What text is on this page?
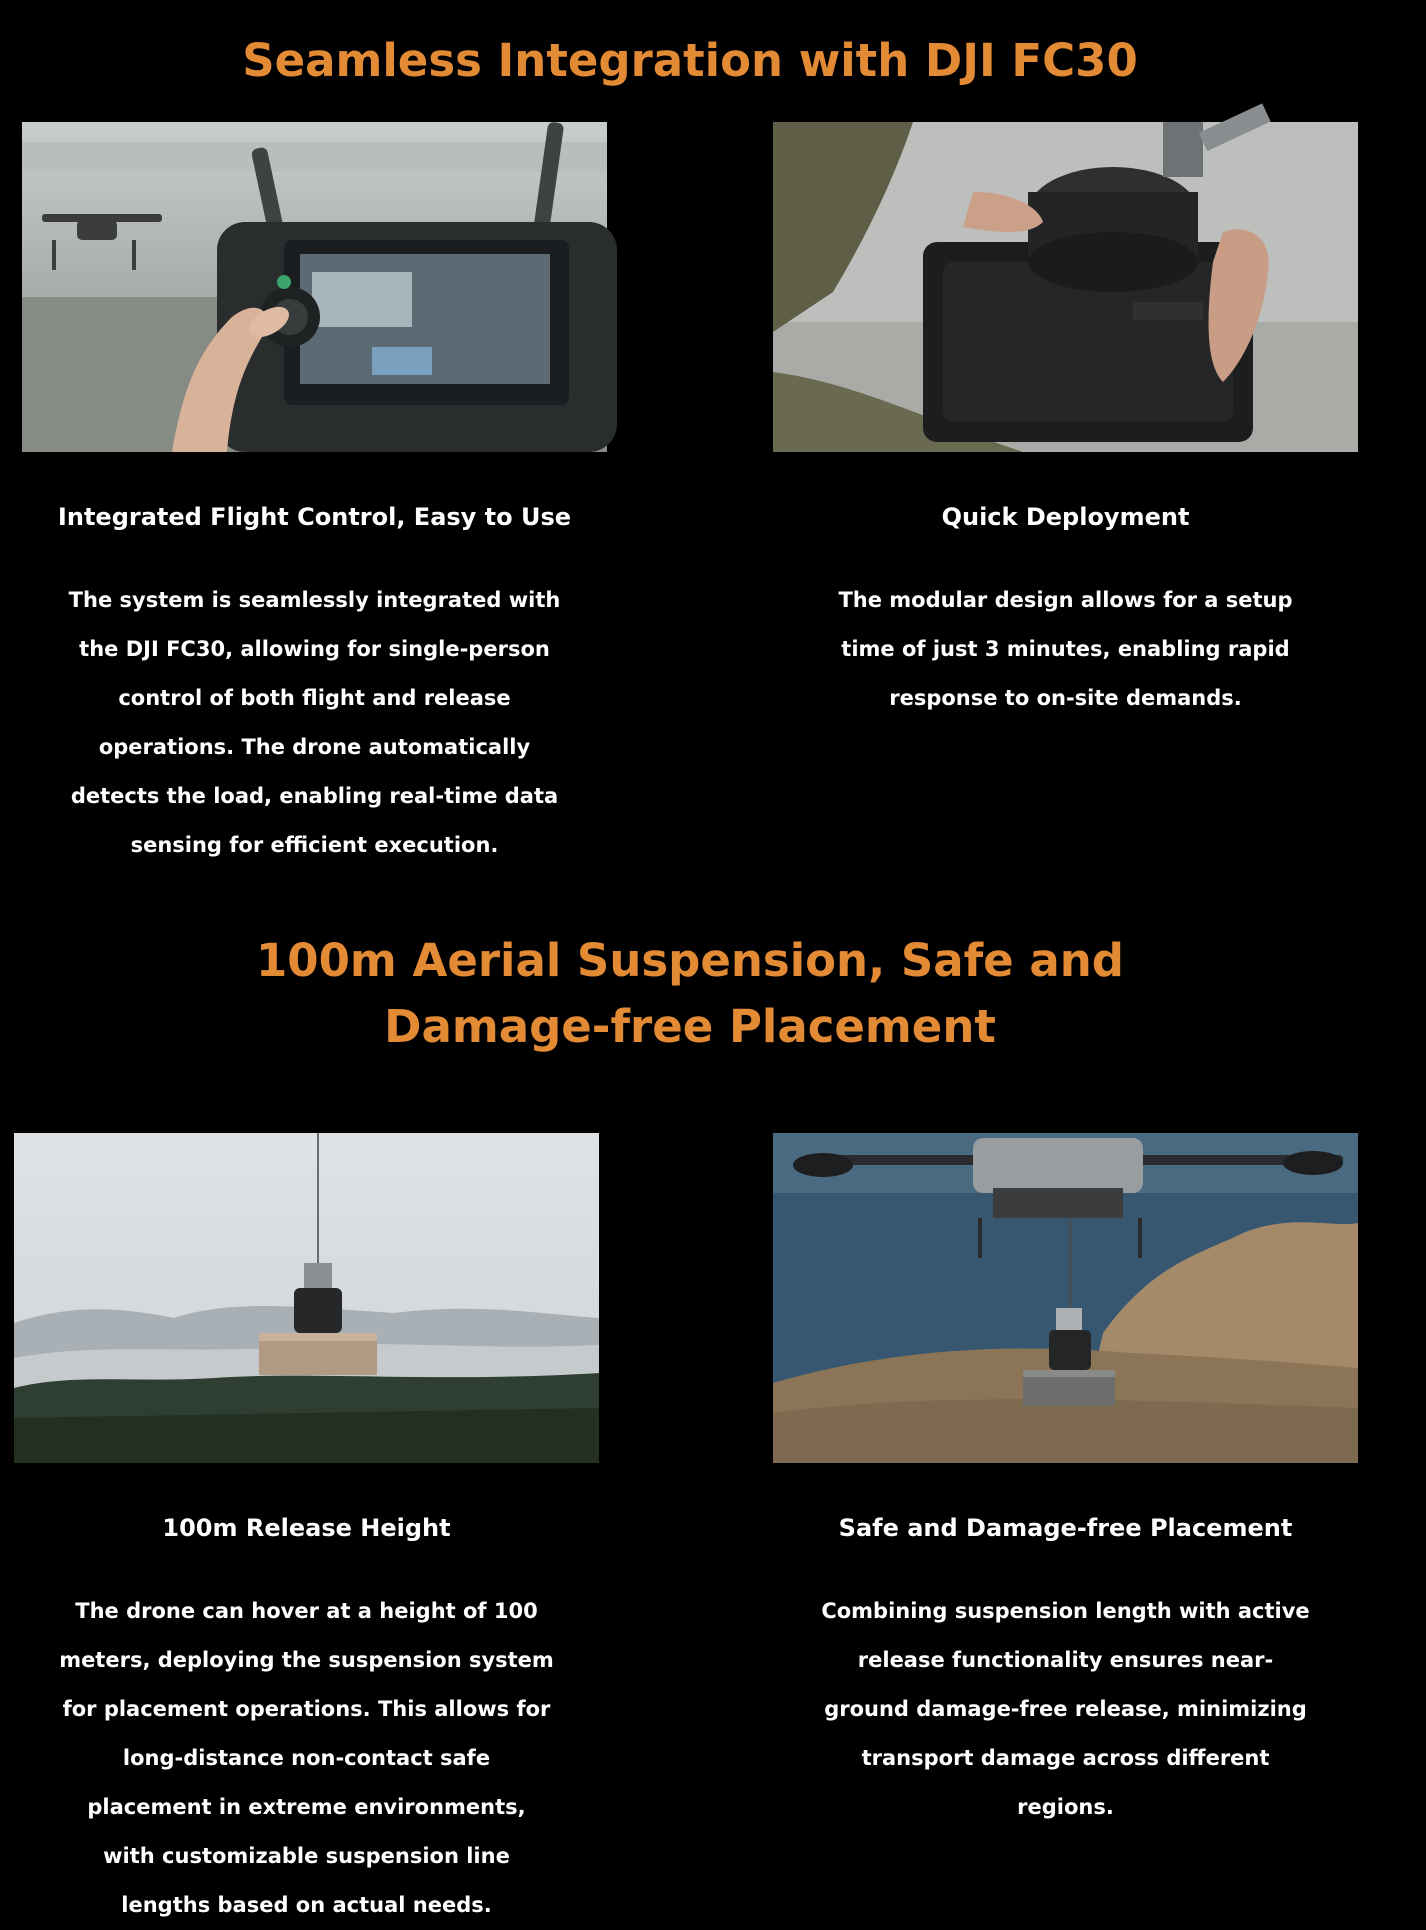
Seamless Integration with DJI FC30
Integrated Flight Control, Easy to Use
The system is seamlessly integrated with the DJI FC30, allowing for single-person control of both flight and release operations. The drone automatically detects the load, enabling real-time data sensing for efficient execution.
Quick Deployment
The modular design allows for a setup time of just 3 minutes, enabling rapid response to on-site demands.
100m Aerial Suspension, Safe and
Damage-free Placement
100m Release Height
The drone can hover at a height of 100 meters, deploying the suspension system for placement operations. This allows for long-distance non-contact safe placement in extreme environments, with customizable suspension line lengths based on actual needs.
Safe and Damage-free Placement
Combining suspension length with active release functionality ensures near-ground damage-free release, minimizing transport damage across different regions.
